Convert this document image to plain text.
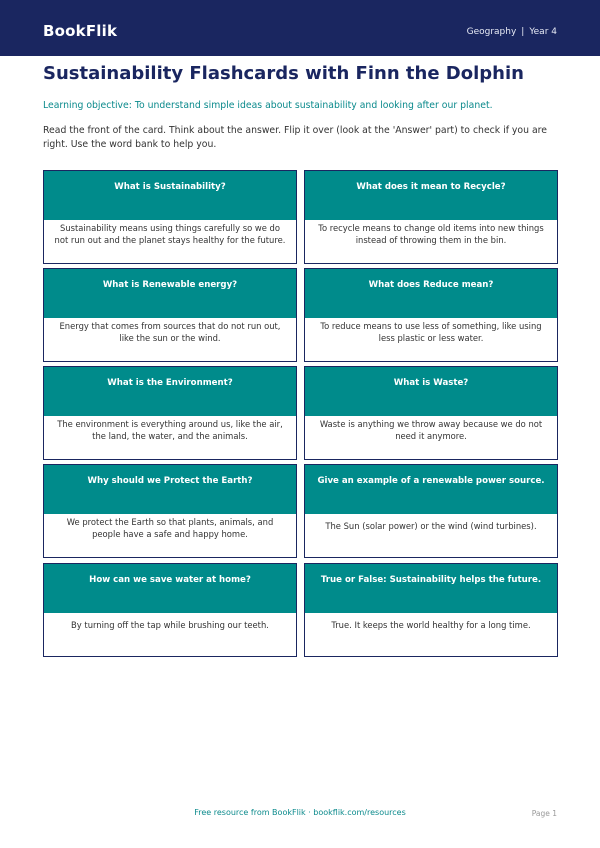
BookFlik	Geography | Year 4
Sustainability Flashcards with Finn the Dolphin
Learning objective: To understand simple ideas about sustainability and looking after our planet.
Read the front of the card. Think about the answer. Flip it over (look at the 'Answer' part) to check if you are right. Use the word bank to help you.
What is Sustainability?
Sustainability means using things carefully so we do not run out and the planet stays healthy for the future.
What does it mean to Recycle?
To recycle means to change old items into new things instead of throwing them in the bin.
What is Renewable energy?
Energy that comes from sources that do not run out, like the sun or the wind.
What does Reduce mean?
To reduce means to use less of something, like using less plastic or less water.
What is the Environment?
The environment is everything around us, like the air, the land, the water, and the animals.
What is Waste?
Waste is anything we throw away because we do not need it anymore.
Why should we Protect the Earth?
We protect the Earth so that plants, animals, and people have a safe and happy home.
Give an example of a renewable power source.
The Sun (solar power) or the wind (wind turbines).
How can we save water at home?
By turning off the tap while brushing our teeth.
True or False: Sustainability helps the future.
True. It keeps the world healthy for a long time.
Free resource from BookFlik · bookflik.com/resources	Page 1
